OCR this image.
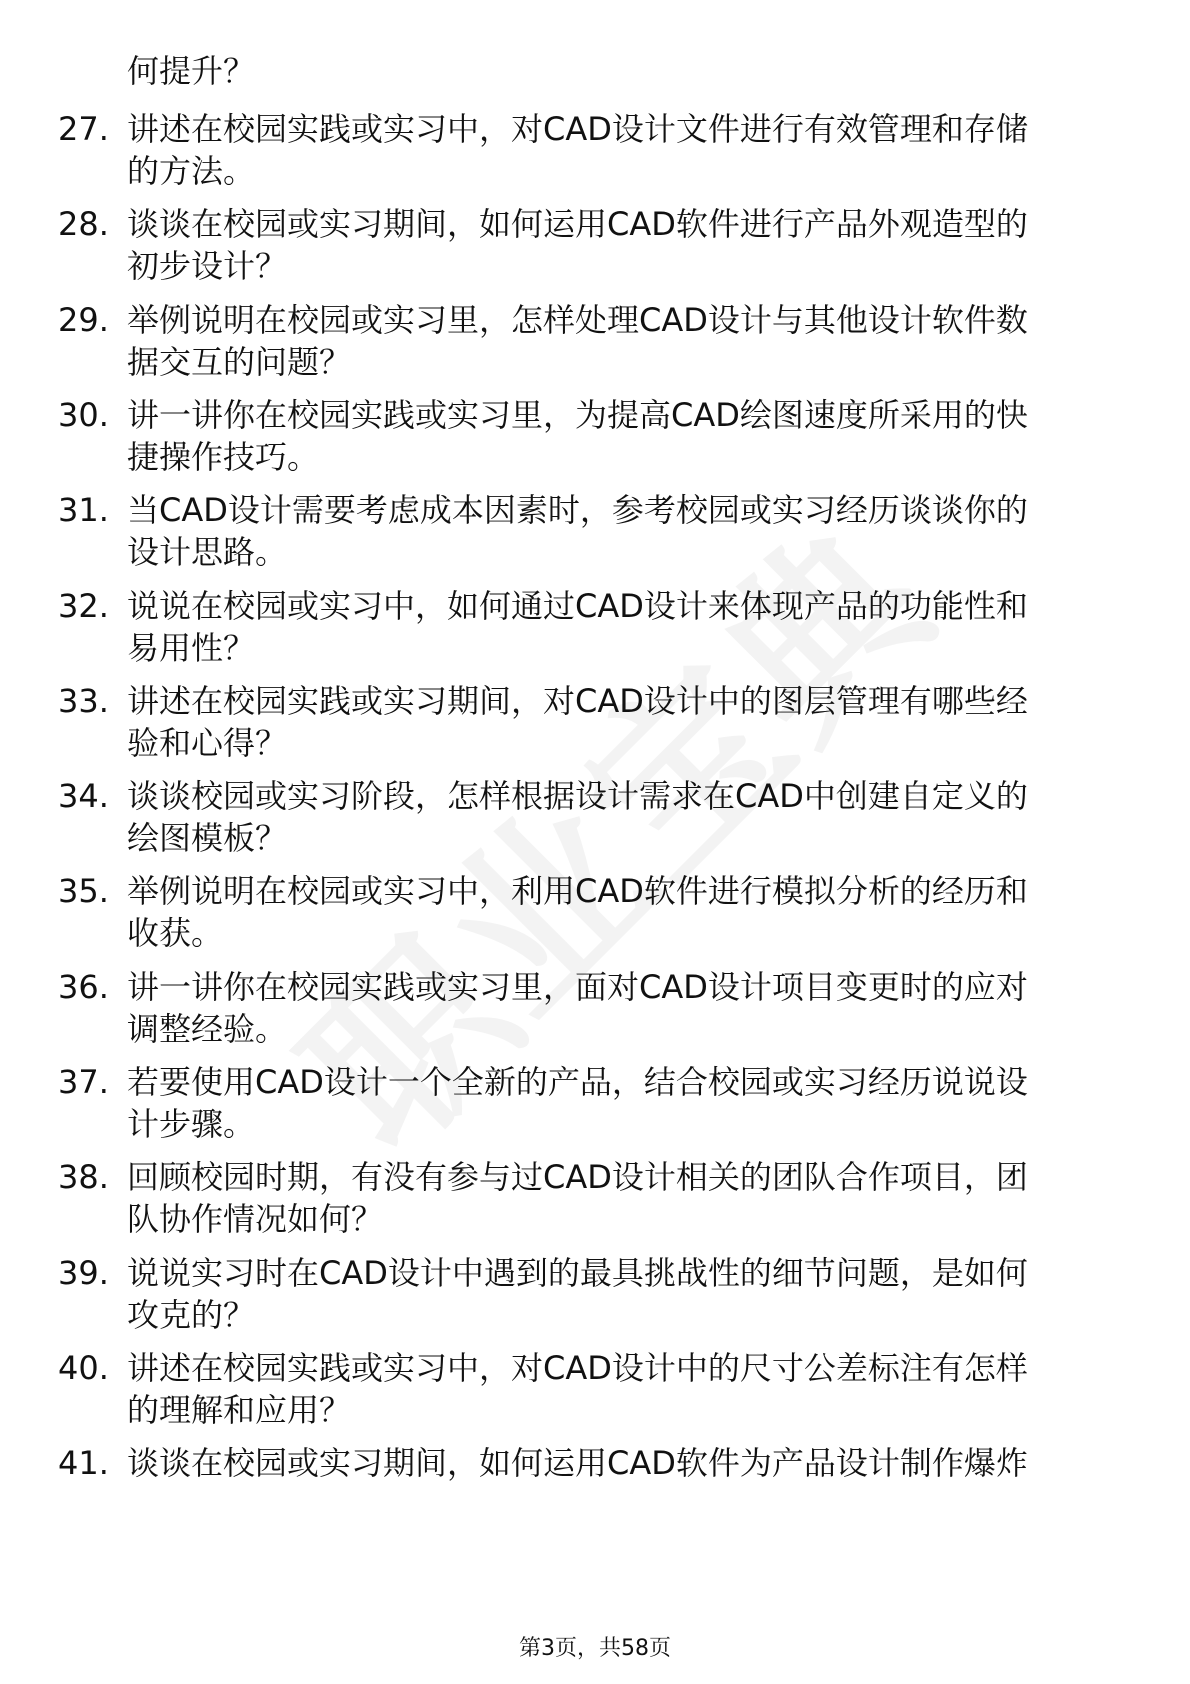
何提升？
27. 讲述在校园实践或实习中，对CAD设计文件进行有效管理和存储
的方法。
28. 谈谈在校园或实习期间，如何运用CAD软件进行产品外观造型的
初步设计？
29. 举例说明在校园或实习里，怎样处理CAD设计与其他设计软件数
据交互的问题？
30. 讲一讲你在校园实践或实习里，为提高CAD绘图速度所采用的快
捷操作技巧。
31. 当CAD设计需要考虑成本因素时，参考校园或实习经历谈谈你的
设计思路。
32. 说说在校园或实习中，如何通过CAD设计来体现产品的功能性和
易用性？
33. 讲述在校园实践或实习期间，对CAD设计中的图层管理有哪些经
验和心得？
34. 谈谈校园或实习阶段，怎样根据设计需求在CAD中创建自定义的
绘图模板？
35. 举例说明在校园或实习中，利用CAD软件进行模拟分析的经历和
收获。
36. 讲一讲你在校园实践或实习里，面对CAD设计项目变更时的应对
调整经验。
37. 若要使用CAD设计一个全新的产品，结合校园或实习经历说说设
计步骤。
38. 回顾校园时期，有没有参与过CAD设计相关的团队合作项目，团
队协作情况如何？
39. 说说实习时在CAD设计中遇到的最具挑战性的细节问题，是如何
攻克的？
40. 讲述在校园实践或实习中，对CAD设计中的尺寸公差标注有怎样
的理解和应用？
41. 谈谈在校园或实习期间，如何运用CAD软件为产品设计制作爆炸
第3页，共58页
